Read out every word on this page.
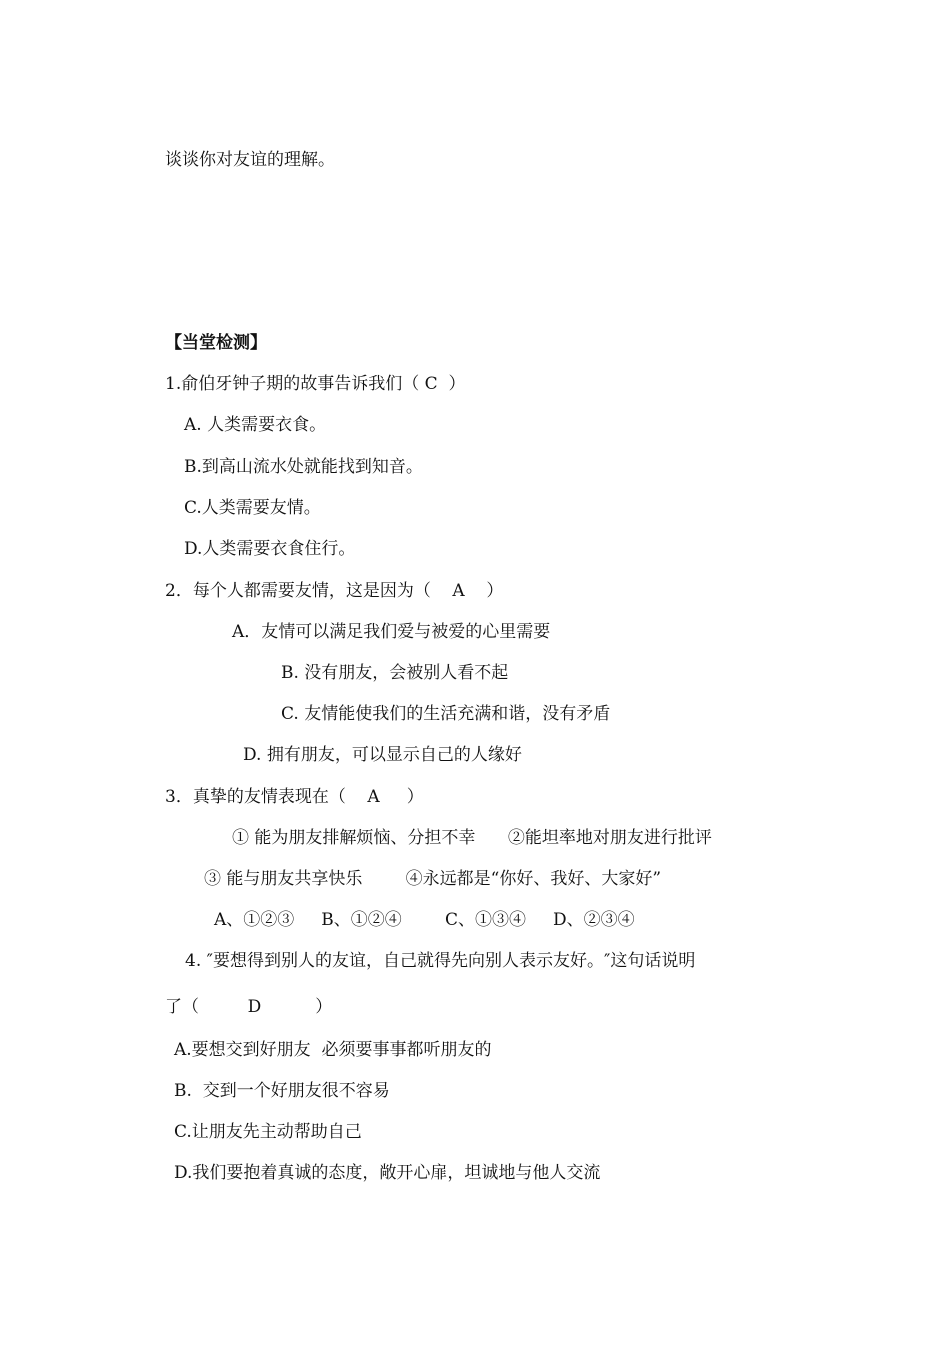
谈谈你对友谊的理解。
【当堂检测】
1.俞伯牙钟子期的故事告诉我们（ C  ）
A. 人类需要衣食。
B.到高山流水处就能找到知音。
C.人类需要友情。
D.人类需要衣食住行。
2．每个人都需要友情，这是因为（    A    ）
A．友情可以满足我们爱与被爱的心里需要
B. 没有朋友，会被别人看不起
C. 友情能使我们的生活充满和谐，没有矛盾
D. 拥有朋友，可以显示自己的人缘好
3．真挚的友情表现在（    A     ）
① 能为朋友排解烦恼、分担不幸      ②能坦率地对朋友进行批评
③ 能与朋友共享快乐        ④永远都是“你好、我好、大家好”
A、①②③     B、①②④        C、①③④     D、②③④
4. ″要想得到别人的友谊，自己就得先向别人表示友好。″这句话说明
了（         D          ）
A.要想交到好朋友  必须要事事都听朋友的
B.  交到一个好朋友很不容易
C.让朋友先主动帮助自己
D.我们要抱着真诚的态度，敞开心扉，坦诚地与他人交流
